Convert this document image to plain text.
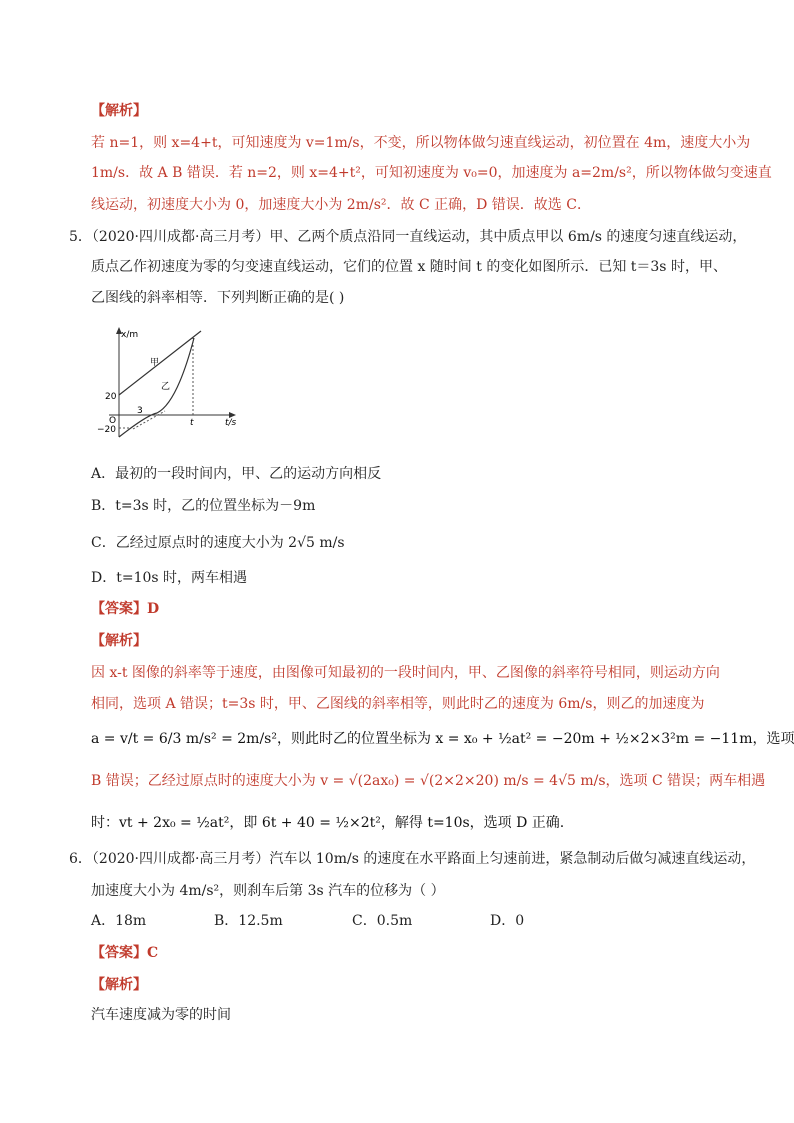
【解析】
若 n=1，则 x=4+t，可知速度为 v=1m/s，不变，所以物体做匀速直线运动，初位置在 4m，速度大小为
1m/s．故 A B 错误．若 n=2，则 x=4+t²，可知初速度为 v₀=0，加速度为 a=2m/s²，所以物体做匀变速直
线运动，初速度大小为 0，加速度大小为 2m/s²．故 C 正确，D 错误．故选 C．
5．（2020·四川成都·高三月考）甲、乙两个质点沿同一直线运动，其中质点甲以 6m/s 的速度匀速直线运动，
质点乙作初速度为零的匀变速直线运动，它们的位置 x 随时间 t 的变化如图所示．已知 t＝3s 时，甲、
乙图线的斜率相等．下列判断正确的是( )
x/m
t/s
甲
乙
20
−20
O
3
t
A．最初的一段时间内，甲、乙的运动方向相反
B．t=3s 时，乙的位置坐标为－9m
C．乙经过原点时的速度大小为 2√5 m/s
D．t=10s 时，两车相遇
【答案】D
【解析】
因 x-t 图像的斜率等于速度，由图像可知最初的一段时间内，甲、乙图像的斜率符号相同，则运动方向
相同，选项 A 错误；t=3s 时，甲、乙图线的斜率相等，则此时乙的速度为 6m/s，则乙的加速度为
a = v/t = 6/3 m/s² = 2m/s²，则此时乙的位置坐标为 x = x₀ + ½at² = −20m + ½×2×3²m = −11m，选项
B 错误；乙经过原点时的速度大小为 v = √(2ax₀) = √(2×2×20) m/s = 4√5 m/s，选项 C 错误；两车相遇
时：vt + 2x₀ = ½at²，即 6t + 40 = ½×2t²，解得 t=10s，选项 D 正确.
6．（2020·四川成都·高三月考）汽车以 10m/s 的速度在水平路面上匀速前进，紧急制动后做匀减速直线运动，
加速度大小为 4m/s²，则刹车后第 3s 汽车的位移为（ ）
A．18m	B．12.5m	C．0.5m	D．0
【答案】C
【解析】
汽车速度减为零的时间
